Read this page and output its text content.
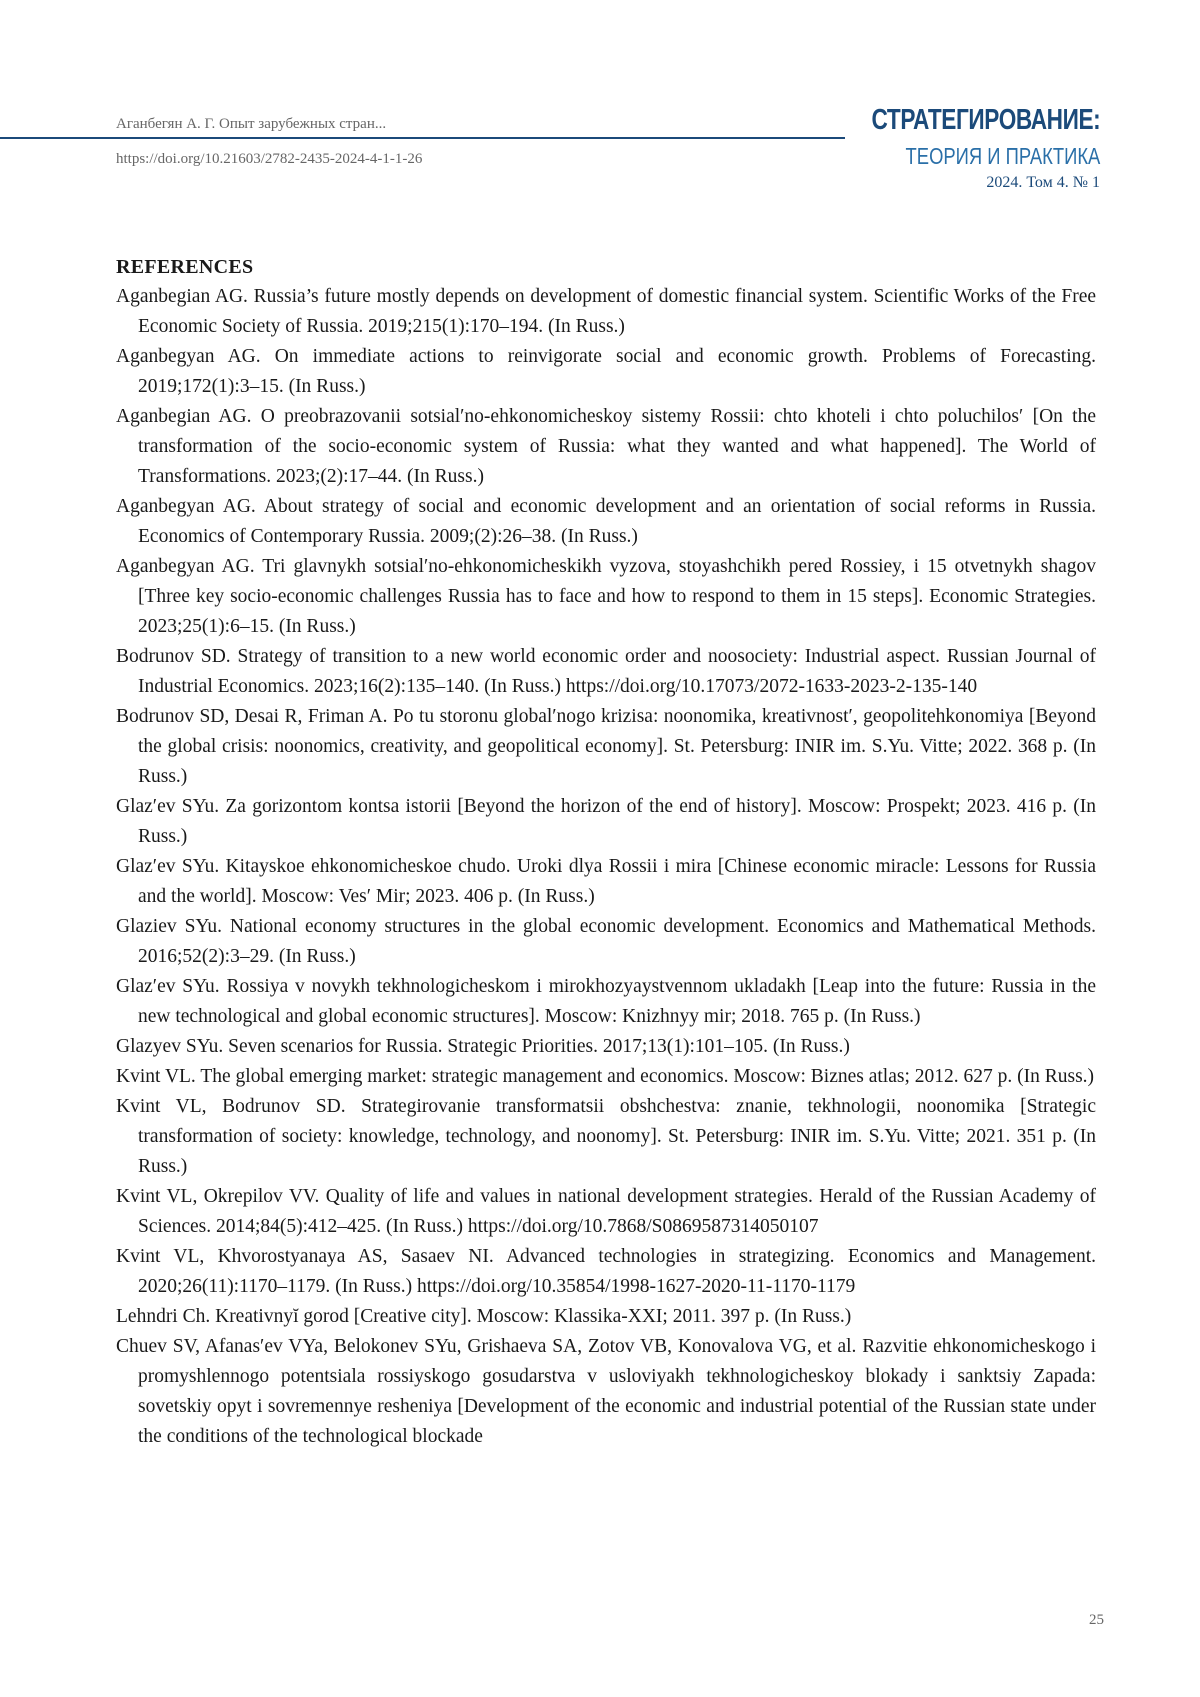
Аганбегян А. Г. Опыт зарубежных стран...
https://doi.org/10.21603/2782-2435-2024-4-1-1-26
СТРАТЕГИРОВАНИЕ:
ТЕОРИЯ И ПРАКТИКА
2024. Том 4. № 1
REFERENCES
Aganbegian AG. Russia’s future mostly depends on development of domestic financial system. Scientific Works of the Free Economic Society of Russia. 2019;215(1):170–194. (In Russ.)
Aganbegyan AG. On immediate actions to reinvigorate social and economic growth. Problems of Forecasting. 2019;172(1):3–15. (In Russ.)
Aganbegian AG. O preobrazovanii sotsial′no-ehkonomicheskoy sistemy Rossii: chto khoteli i chto poluchilos′ [On the transformation of the socio-economic system of Russia: what they wanted and what happened]. The World of Transformations. 2023;(2):17–44. (In Russ.)
Aganbegyan AG. About strategy of social and economic development and an orientation of social reforms in Russia. Economics of Contemporary Russia. 2009;(2):26–38. (In Russ.)
Aganbegyan AG. Tri glavnykh sotsial′no-ehkonomicheskikh vyzova, stoyashchikh pered Rossiey, i 15 otvetnykh shagov [Three key socio-economic challenges Russia has to face and how to respond to them in 15 steps]. Economic Strategies. 2023;25(1):6–15. (In Russ.)
Bodrunov SD. Strategy of transition to a new world economic order and noosociety: Industrial aspect. Russian Journal of Industrial Economics. 2023;16(2):135–140. (In Russ.) https://doi.org/10.17073/2072-1633-2023-2-135-140
Bodrunov SD, Desai R, Friman A. Po tu storonu global′nogo krizisa: noonomika, kreativnost′, geopolitehkonomiya [Beyond the global crisis: noonomics, creativity, and geopolitical economy]. St. Petersburg: INIR im. S.Yu. Vitte; 2022. 368 p. (In Russ.)
Glaz′ev SYu. Za gorizontom kontsa istorii [Beyond the horizon of the end of history]. Moscow: Prospekt; 2023. 416 p. (In Russ.)
Glaz′ev SYu. Kitayskoe ehkonomicheskoe chudo. Uroki dlya Rossii i mira [Chinese economic miracle: Lessons for Russia and the world]. Moscow: Ves′ Mir; 2023. 406 p. (In Russ.)
Glaziev SYu. National economy structures in the global economic development. Economics and Mathematical Methods. 2016;52(2):3–29. (In Russ.)
Glaz′ev SYu. Rossiya v novykh tekhnologicheskom i mirokhozyaystvennom ukladakh [Leap into the future: Russia in the new technological and global economic structures]. Moscow: Knizhnyy mir; 2018. 765 p. (In Russ.)
Glazyev SYu. Seven scenarios for Russia. Strategic Priorities. 2017;13(1):101–105. (In Russ.)
Kvint VL. The global emerging market: strategic management and economics. Moscow: Biznes atlas; 2012. 627 p. (In Russ.)
Kvint VL, Bodrunov SD. Strategirovanie transformatsii obshchestva: znanie, tekhnologii, noonomika [Strategic transformation of society: knowledge, technology, and noonomy]. St. Petersburg: INIR im. S.Yu. Vitte; 2021. 351 p. (In Russ.)
Kvint VL, Okrepilov VV. Quality of life and values in national development strategies. Herald of the Russian Academy of Sciences. 2014;84(5):412–425. (In Russ.) https://doi.org/10.7868/S0869587314050107
Kvint VL, Khvorostyanaya AS, Sasaev NI. Advanced technologies in strategizing. Economics and Management. 2020;26(11):1170–1179. (In Russ.) https://doi.org/10.35854/1998-1627-2020-11-1170-1179
Lehndri Ch. Kreativnyĭ gorod [Creative city]. Moscow: Klassika-XXI; 2011. 397 p. (In Russ.)
Chuev SV, Afanas′ev VYa, Belokonev SYu, Grishaeva SA, Zotov VB, Konovalova VG, et al. Razvitie ehkonomicheskogo i promyshlennogo potentsiala rossiyskogo gosudarstva v usloviyakh tekhnologicheskoy blokady i sanktsiy Zapada: sovetskiy opyt i sovremennye resheniya [Development of the economic and industrial potential of the Russian state under the conditions of the technological blockade
25
